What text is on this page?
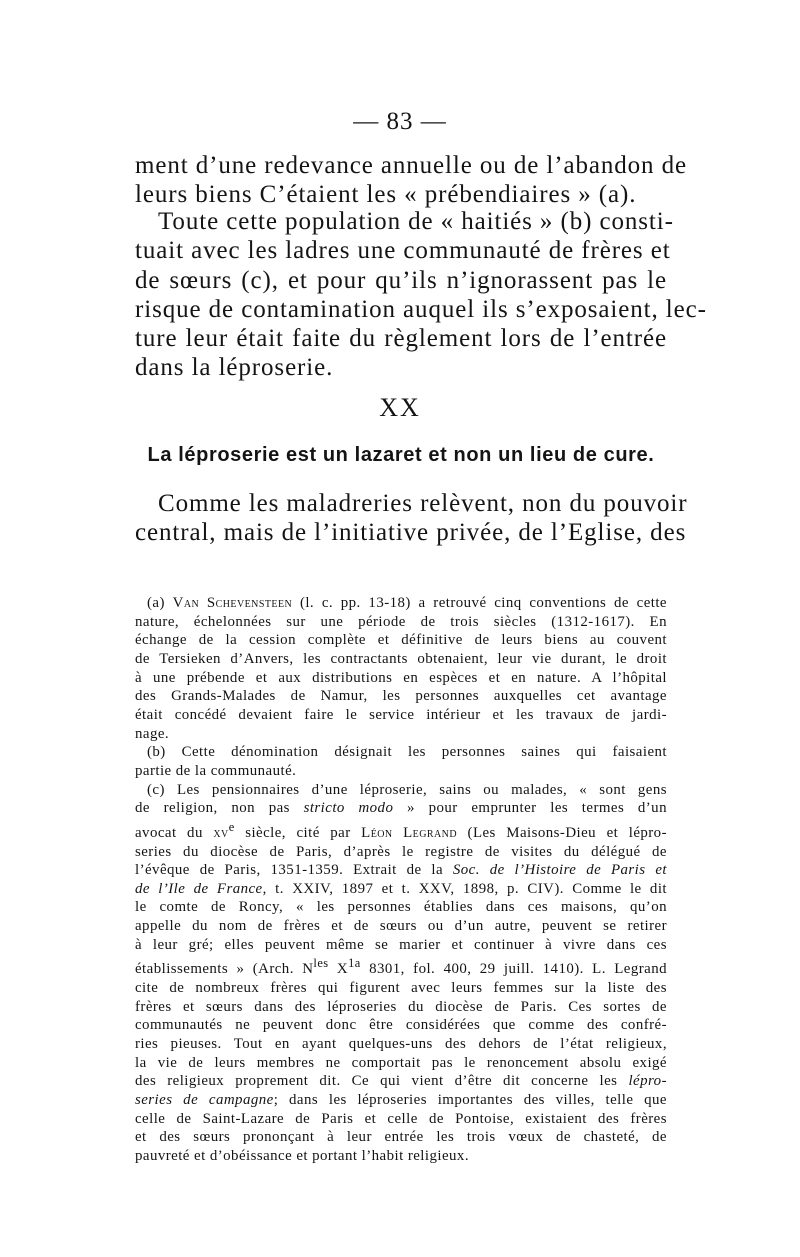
— 83 —
ment d’une redevance annuelle ou de l’abandon de
leurs biens C’étaient les « prébendiaires » (a).
Toute cette population de « haitiés » (b) consti-
tuait avec les ladres une communauté de frères et
de sœurs (c), et pour qu’ils n’ignorassent pas le
risque de contamination auquel ils s’exposaient, lec-
ture leur était faite du règlement lors de l’entrée
dans la léproserie.
XX
La léproserie est un lazaret et non un lieu de cure.
Comme les maladreries relèvent, non du pouvoir
central, mais de l’initiative privée, de l’Eglise, des
(a) Van Schevensteen (l. c. pp. 13-18) a retrouvé cinq conventions de cette
nature, échelonnées sur une période de trois siècles (1312-1617). En
échange de la cession complète et définitive de leurs biens au couvent
de Tersieken d’Anvers, les contractants obtenaient, leur vie durant, le droit
à une prébende et aux distributions en espèces et en nature. A l’hôpital
des Grands-Malades de Namur, les personnes auxquelles cet avantage
était concédé devaient faire le service intérieur et les travaux de jardi-
nage.
(b) Cette dénomination désignait les personnes saines qui faisaient
partie de la communauté.
(c) Les pensionnaires d’une léproserie, sains ou malades, « sont gens
de religion, non pas stricto modo » pour emprunter les termes d’un
avocat du $xv^e$ siècle, cité par Léon Legrand (Les Maisons-Dieu et lépro-
series du diocèse de Paris, d’après le registre de visites du délégué de
l’évêque de Paris, 1351-1359. Extrait de la Soc. de l’Histoire de Paris et
de l’Ile de France, t. XXIV, 1897 et t. XXV, 1898, p. CIV). Comme le dit
le comte de Roncy, « les personnes établies dans ces maisons, qu’on
appelle du nom de frères et de sœurs ou d’un autre, peuvent se retirer
à leur gré; elles peuvent même se marier et continuer à vivre dans ces
établissements » (Arch. $N^{les}$ $X^{1a}$ 8301, fol. 400, 29 juill. 1410). L. Legrand
cite de nombreux frères qui figurent avec leurs femmes sur la liste des
frères et sœurs dans des léproseries du diocèse de Paris. Ces sortes de
communautés ne peuvent donc être considérées que comme des confré-
ries pieuses. Tout en ayant quelques-uns des dehors de l’état religieux,
la vie de leurs membres ne comportait pas le renoncement absolu exigé
des religieux proprement dit. Ce qui vient d’être dit concerne les lépro-
series de campagne; dans les léproseries importantes des villes, telle que
celle de Saint-Lazare de Paris et celle de Pontoise, existaient des frères
et des sœurs prononçant à leur entrée les trois vœux de chasteté, de
pauvreté et d’obéissance et portant l’habit religieux.
